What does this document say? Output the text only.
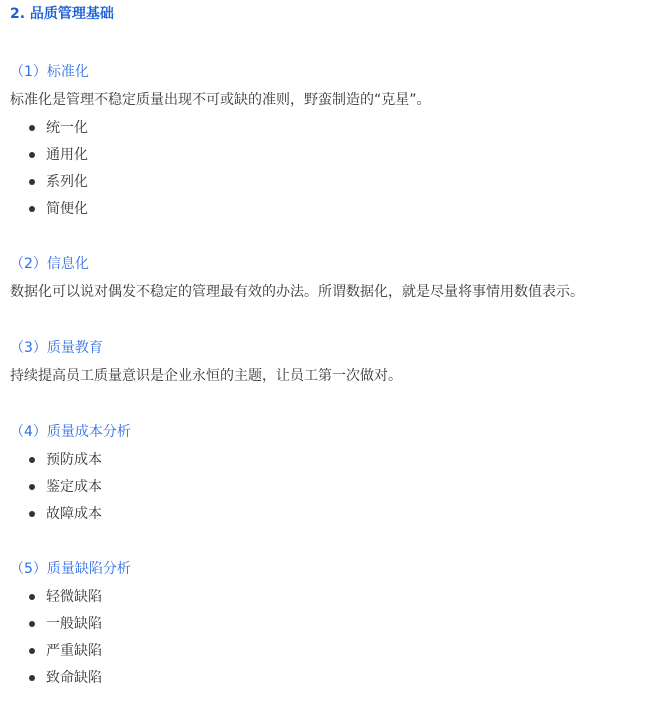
2. 品质管理基础
（1）标准化
标准化是管理不稳定质量出现不可或缺的准则，野蛮制造的“克星”。
统一化
通用化
系列化
简便化
（2）信息化
数据化可以说对偶发不稳定的管理最有效的办法。所谓数据化，就是尽量将事情用数值表示。
（3）质量教育
持续提高员工质量意识是企业永恒的主题，让员工第一次做对。
（4）质量成本分析
预防成本
鉴定成本
故障成本
（5）质量缺陷分析
轻微缺陷
一般缺陷
严重缺陷
致命缺陷
